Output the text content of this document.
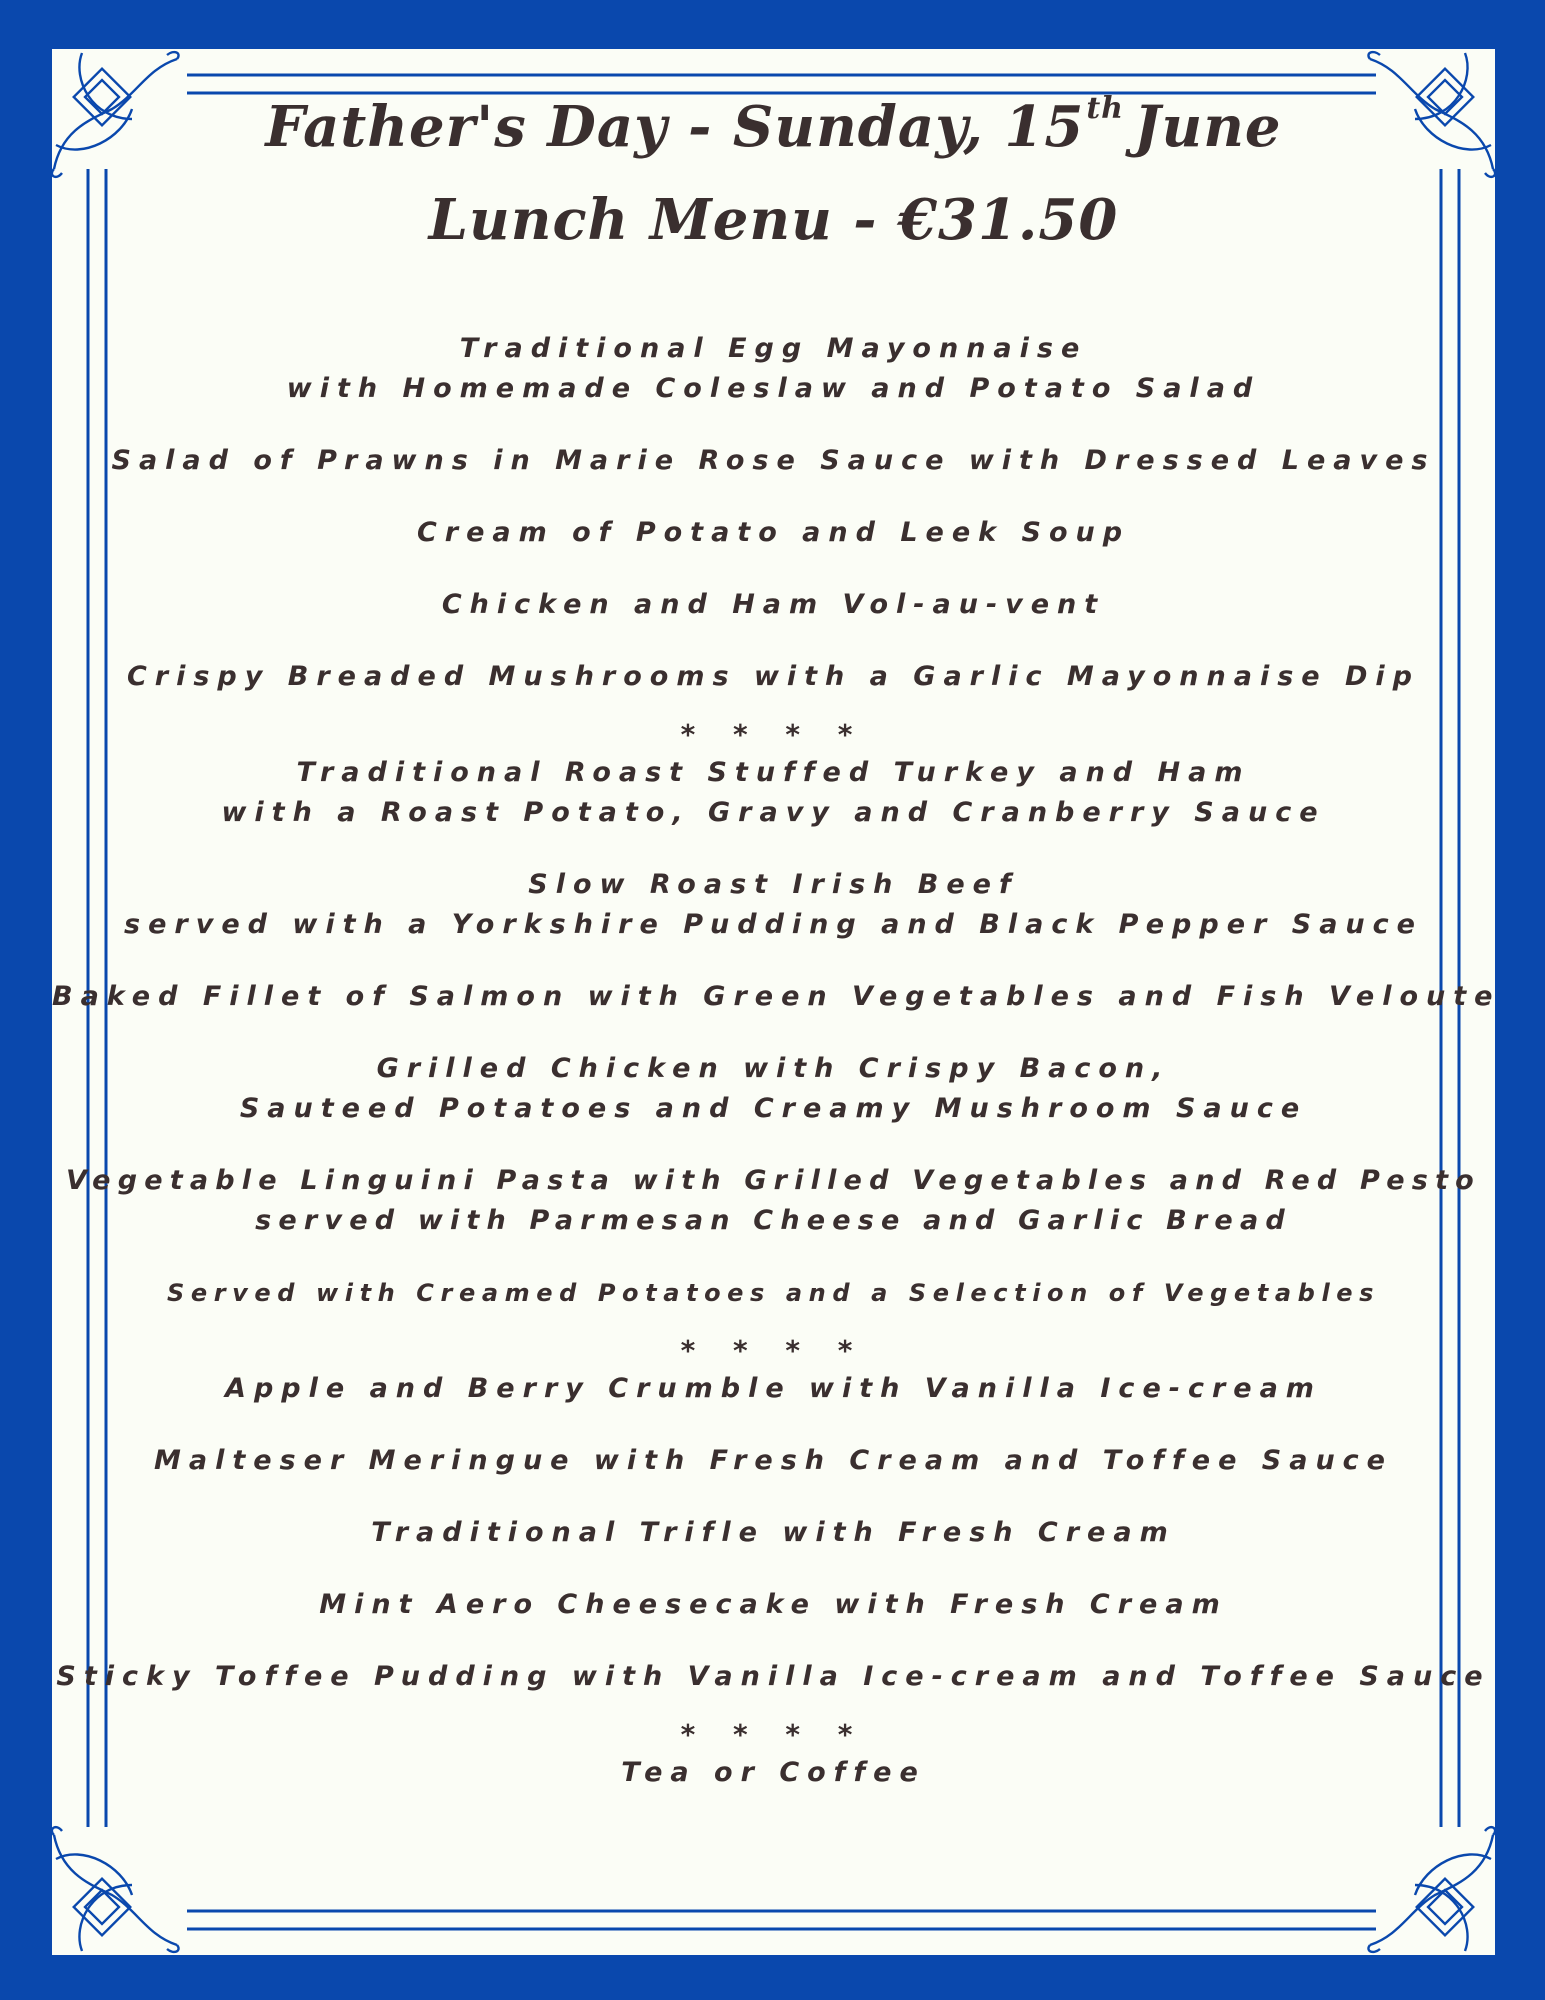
Father's Day - Sunday, 15th June
Lunch Menu - €31.50

Traditional Egg Mayonnaise
with Homemade Coleslaw and Potato Salad

Salad of Prawns in Marie Rose Sauce with Dressed Leaves

Cream of Potato and Leek Soup

Chicken and Ham Vol-au-vent

Crispy Breaded Mushrooms with a Garlic Mayonnaise Dip

* * * *

Traditional Roast Stuffed Turkey and Ham
with a Roast Potato, Gravy and Cranberry Sauce

Slow Roast Irish Beef
served with a Yorkshire Pudding and Black Pepper Sauce

Baked Fillet of Salmon with Green Vegetables and Fish Veloute

Grilled Chicken with Crispy Bacon,
Sauteed Potatoes and Creamy Mushroom Sauce

Vegetable Linguini Pasta with Grilled Vegetables and Red Pesto
served with Parmesan Cheese and Garlic Bread

Served with Creamed Potatoes and a Selection of Vegetables

* * * *

Apple and Berry Crumble with Vanilla Ice-cream

Malteser Meringue with Fresh Cream and Toffee Sauce

Traditional Trifle with Fresh Cream

Mint Aero Cheesecake with Fresh Cream

Sticky Toffee Pudding with Vanilla Ice-cream and Toffee Sauce

* * * *

Tea or Coffee
